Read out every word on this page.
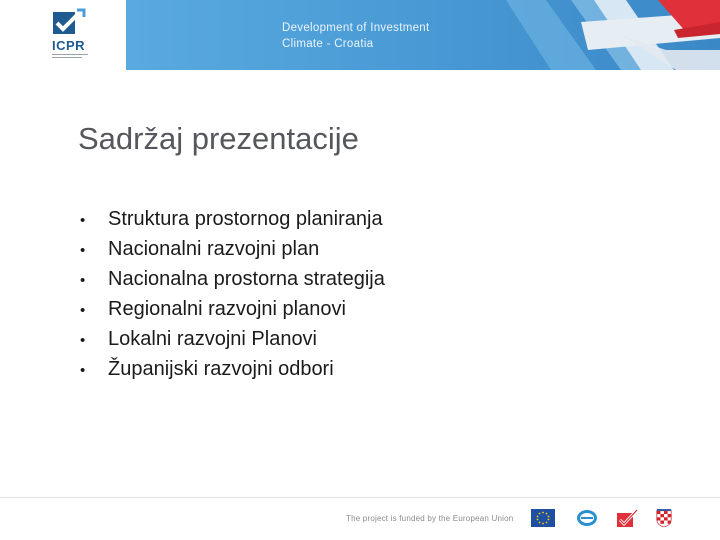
ICPR
Development of Investment
Climate - Croatia
Sadržaj prezentacije
•	Struktura prostornog planiranja
•	Nacionalni razvojni plan
•	Nacionalna prostorna strategija
•	Regionalni razvojni planovi
•	Lokalni razvojni Planovi
•	Županijski razvojni odbori
The project is funded by the European Union
